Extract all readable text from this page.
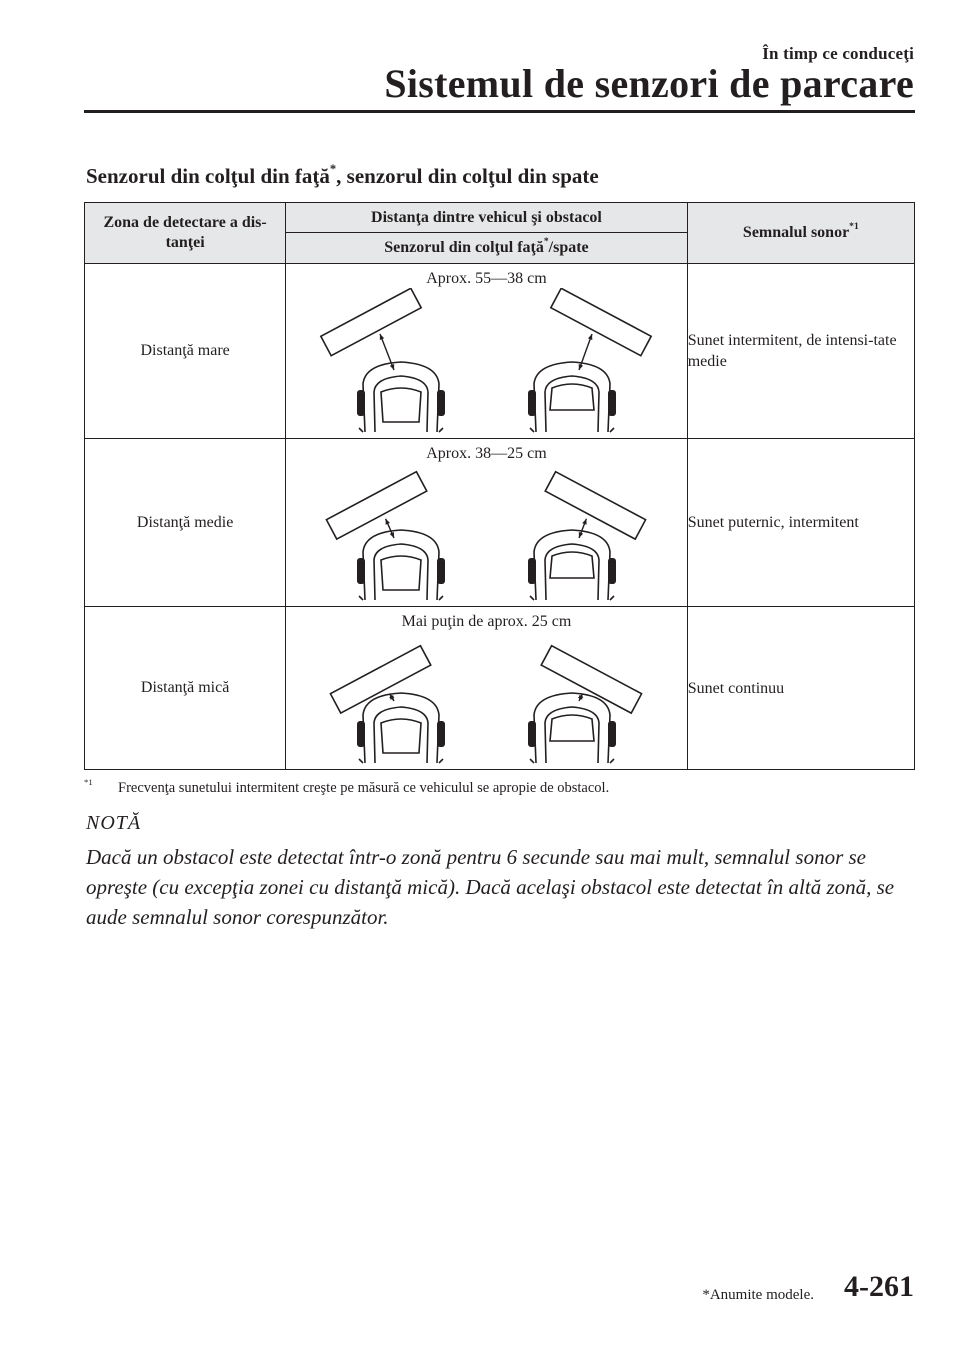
În timp ce conduceţi
Sistemul de senzori de parcare
Senzorul din colţul din faţă*, senzorul din colţul din spate
Zona de detectare a dis-tanţei	Distanţa dintre vehicul şi obstacol	Semnalul sonor$^{*1}$
	Senzorul din colţul faţă*/spate	
Distanţă mare	Aprox. 55—38 cm	Sunet intermitent, de intensi-tate medie
Distanţă medie	Aprox. 38—25 cm	Sunet puternic, intermitent
Distanţă mică	Mai puţin de aprox. 25 cm	Sunet continuu
$^{*1}$ Frecvenţa sunetului intermitent creşte pe măsură ce vehiculul se apropie de obstacol.
NOTĂ
Dacă un obstacol este detectat într-o zonă pentru 6 secunde sau mai mult, semnalul sonor se opreşte (cu excepţia zonei cu distanţă mică). Dacă acelaşi obstacol este detectat în altă zonă, se aude semnalul sonor corespunzător.
*Anumite modele. 4-261
